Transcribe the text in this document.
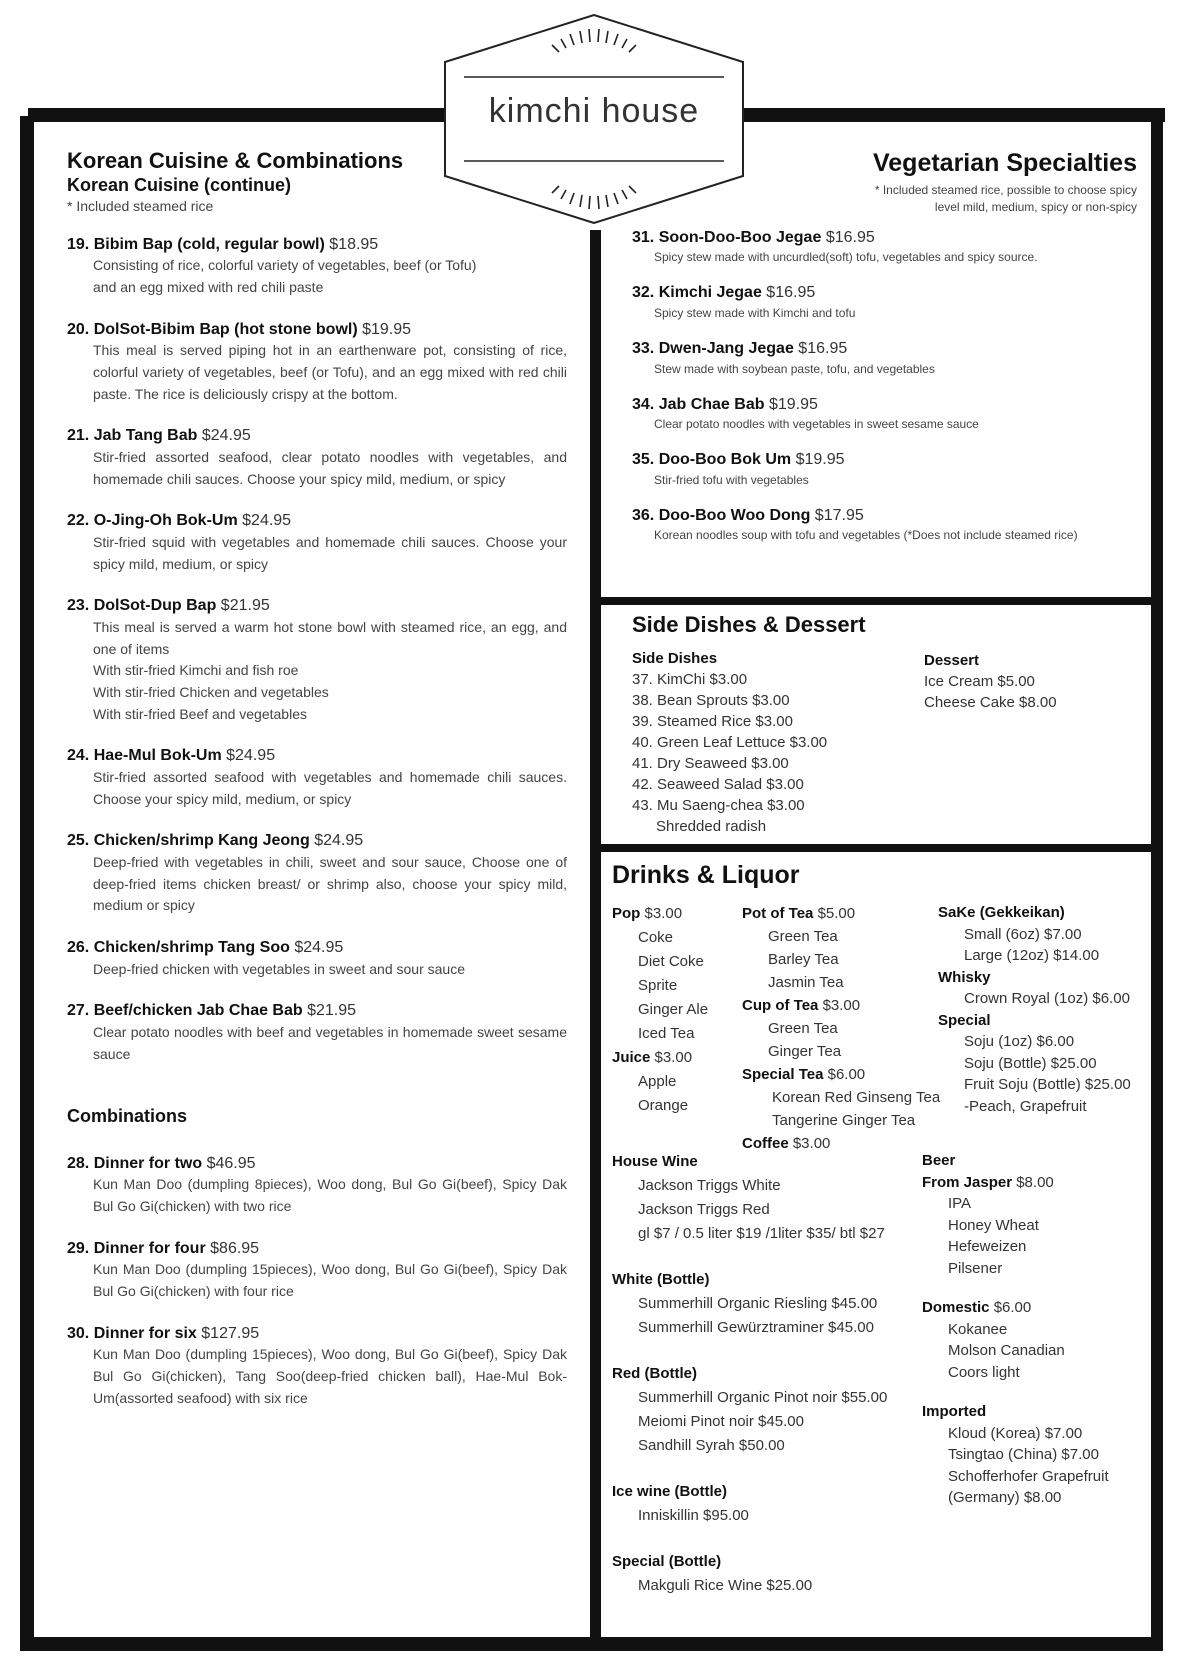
kimchi house
Korean Cuisine & Combinations
Korean Cuisine (continue)
* Included steamed rice
19. Bibim Bap (cold, regular bowl) $18.95
Consisting of rice, colorful variety of vegetables, beef (or Tofu)
and an egg mixed with red chili paste
20. DolSot-Bibim Bap (hot stone bowl) $19.95
This meal is served piping hot in an earthenware pot, consisting of rice, colorful variety of vegetables, beef (or Tofu), and an egg mixed with red chili paste. The rice is deliciously crispy at the bottom.
21. Jab Tang Bab $24.95
Stir-fried assorted seafood, clear potato noodles with vegetables, and homemade chili sauces. Choose your spicy mild, medium, or spicy
22. O-Jing-Oh Bok-Um $24.95
Stir-fried squid with vegetables and homemade chili sauces. Choose your spicy mild, medium, or spicy
23. DolSot-Dup Bap $21.95
This meal is served a warm hot stone bowl with steamed rice, an egg, and one of items
With stir-fried Kimchi and fish roe
With stir-fried Chicken and vegetables
With stir-fried Beef and vegetables
24. Hae-Mul Bok-Um $24.95
Stir-fried assorted seafood with vegetables and homemade chili sauces. Choose your spicy mild, medium, or spicy
25. Chicken/shrimp Kang Jeong $24.95
Deep-fried with vegetables in chili, sweet and sour sauce, Choose one of deep-fried items chicken breast/ or shrimp also, choose your spicy mild, medium or spicy
26. Chicken/shrimp Tang Soo $24.95
Deep-fried chicken with vegetables in sweet and sour sauce
27. Beef/chicken Jab Chae Bab $21.95
Clear potato noodles with beef and vegetables in homemade sweet sesame sauce
Combinations
28. Dinner for two $46.95
Kun Man Doo (dumpling 8pieces), Woo dong, Bul Go Gi(beef), Spicy Dak Bul Go Gi(chicken) with two rice
29. Dinner for four $86.95
Kun Man Doo (dumpling 15pieces), Woo dong, Bul Go Gi(beef), Spicy Dak Bul Go Gi(chicken) with four rice
30. Dinner for six $127.95
Kun Man Doo (dumpling 15pieces), Woo dong, Bul Go Gi(beef), Spicy Dak Bul Go Gi(chicken), Tang Soo(deep-fried chicken ball), Hae-Mul Bok-Um(assorted seafood) with six rice
Vegetarian Specialties
* Included steamed rice, possible to choose spicy
level mild, medium, spicy or non-spicy
31. Soon-Doo-Boo Jegae $16.95
Spicy stew made with uncurdled(soft) tofu, vegetables and spicy source.
32. Kimchi Jegae $16.95
Spicy stew made with Kimchi and tofu
33. Dwen-Jang Jegae $16.95
Stew made with soybean paste, tofu, and vegetables
34. Jab Chae Bab $19.95
Clear potato noodles with vegetables in sweet sesame sauce
35. Doo-Boo Bok Um $19.95
Stir-fried tofu with vegetables
36. Doo-Boo Woo Dong $17.95
Korean noodles soup with tofu and vegetables (*Does not include steamed rice)
Side Dishes & Dessert
Side Dishes
37. KimChi $3.00
38. Bean Sprouts $3.00
39. Steamed Rice $3.00
40. Green Leaf Lettuce $3.00
41. Dry Seaweed $3.00
42. Seaweed Salad $3.00
43. Mu Saeng-chea $3.00
Shredded radish
Dessert
Ice Cream $5.00
Cheese Cake $8.00
Drinks & Liquor
Pop $3.00
Coke
Diet Coke
Sprite
Ginger Ale
Iced Tea
Juice $3.00
Apple
Orange
Pot of Tea $5.00
Green Tea
Barley Tea
Jasmin Tea
Cup of Tea $3.00
Green Tea
Ginger Tea
Special Tea $6.00
Korean Red Ginseng Tea
Tangerine Ginger Tea
Coffee $3.00
SaKe (Gekkeikan)
Small (6oz) $7.00
Large (12oz) $14.00
Whisky
Crown Royal (1oz) $6.00
Special
Soju (1oz) $6.00
Soju (Bottle) $25.00
Fruit Soju (Bottle) $25.00
-Peach, Grapefruit
House Wine
Jackson Triggs White
Jackson Triggs Red
gl $7 / 0.5 liter $19 /1liter $35/ btl $27
White (Bottle)
Summerhill Organic Riesling $45.00
Summerhill Gewürztraminer $45.00
Red (Bottle)
Summerhill Organic Pinot noir $55.00
Meiomi Pinot noir $45.00
Sandhill Syrah $50.00
Ice wine (Bottle)
Inniskillin $95.00
Special (Bottle)
Makguli Rice Wine $25.00
Beer
From Jasper $8.00
IPA
Honey Wheat
Hefeweizen
Pilsener
Domestic $6.00
Kokanee
Molson Canadian
Coors light
Imported
Kloud (Korea) $7.00
Tsingtao (China) $7.00
Schofferhofer Grapefruit
(Germany) $8.00
